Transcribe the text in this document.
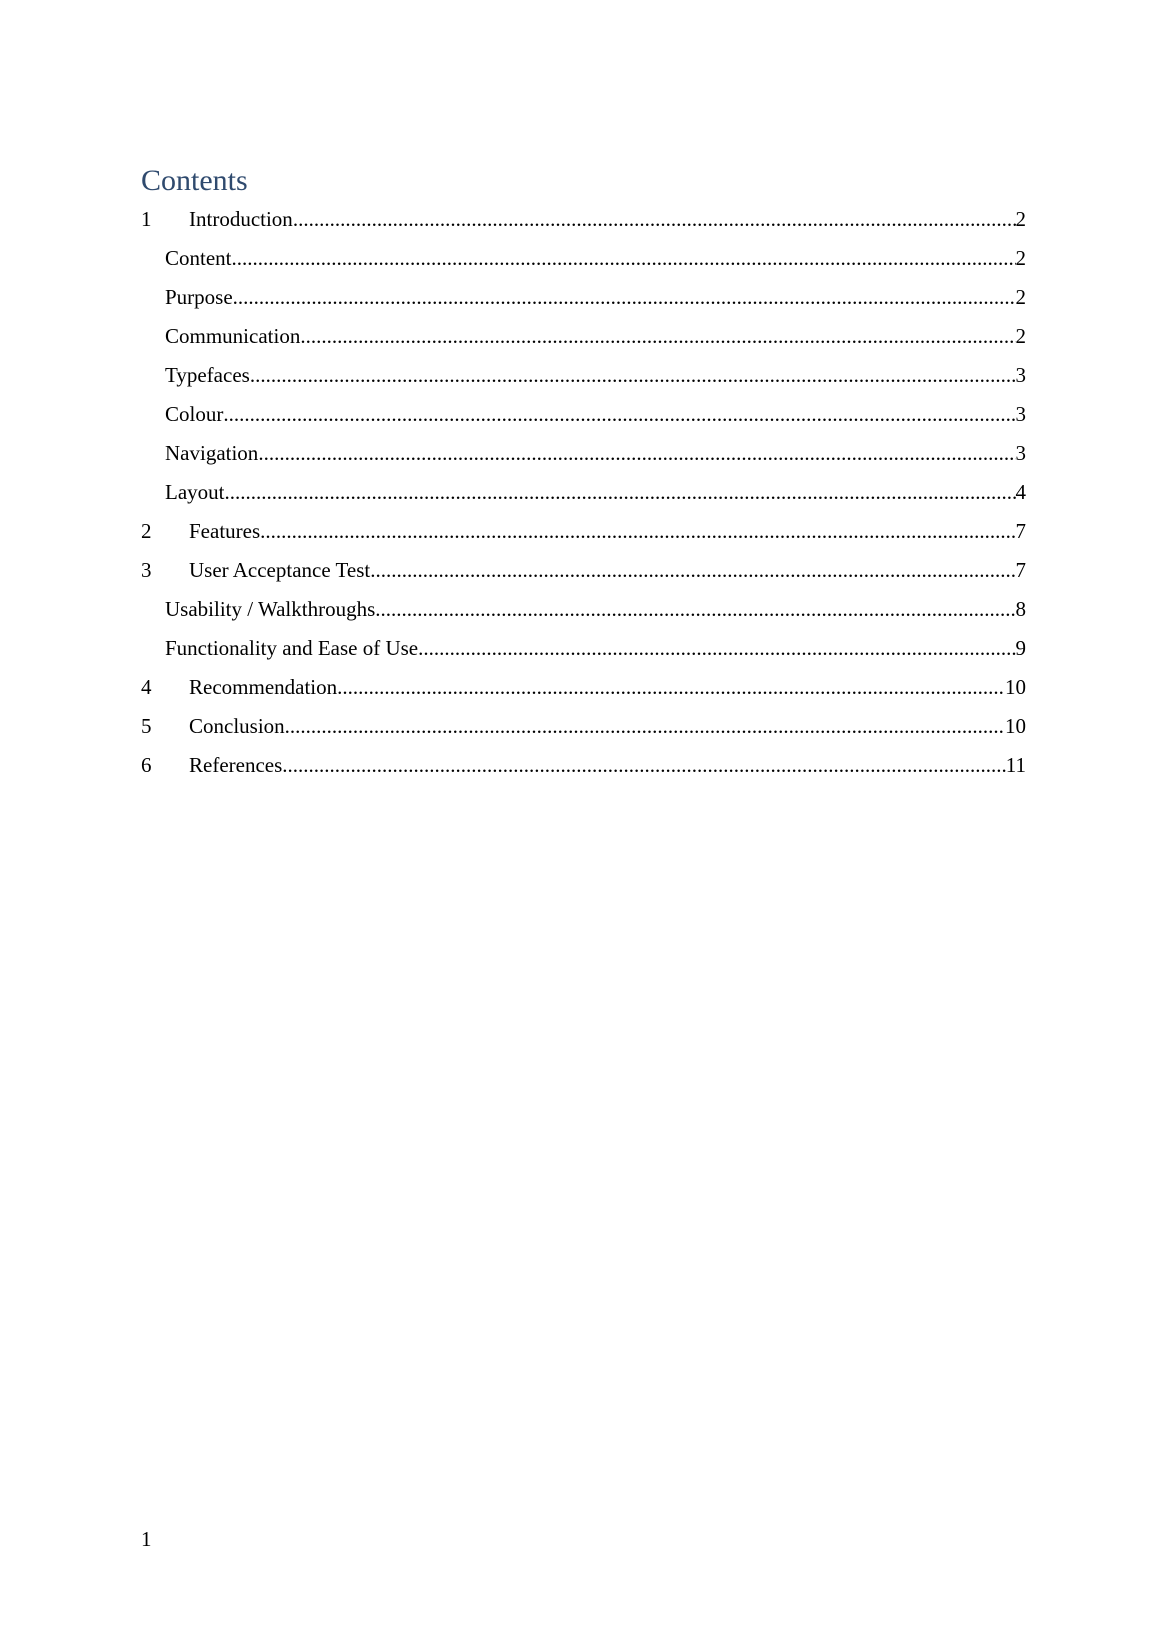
Contents
1	Introduction .....	2
Content .....	2
Purpose .....	2
Communication .....	2
Typefaces .....	3
Colour .....	3
Navigation .....	3
Layout .....	4
2	Features .....	7
3	User Acceptance Test .....	7
Usability / Walkthroughs .....	8
Functionality and Ease of Use .....	9
4	Recommendation .....	10
5	Conclusion .....	10
6	References .....	11
1
